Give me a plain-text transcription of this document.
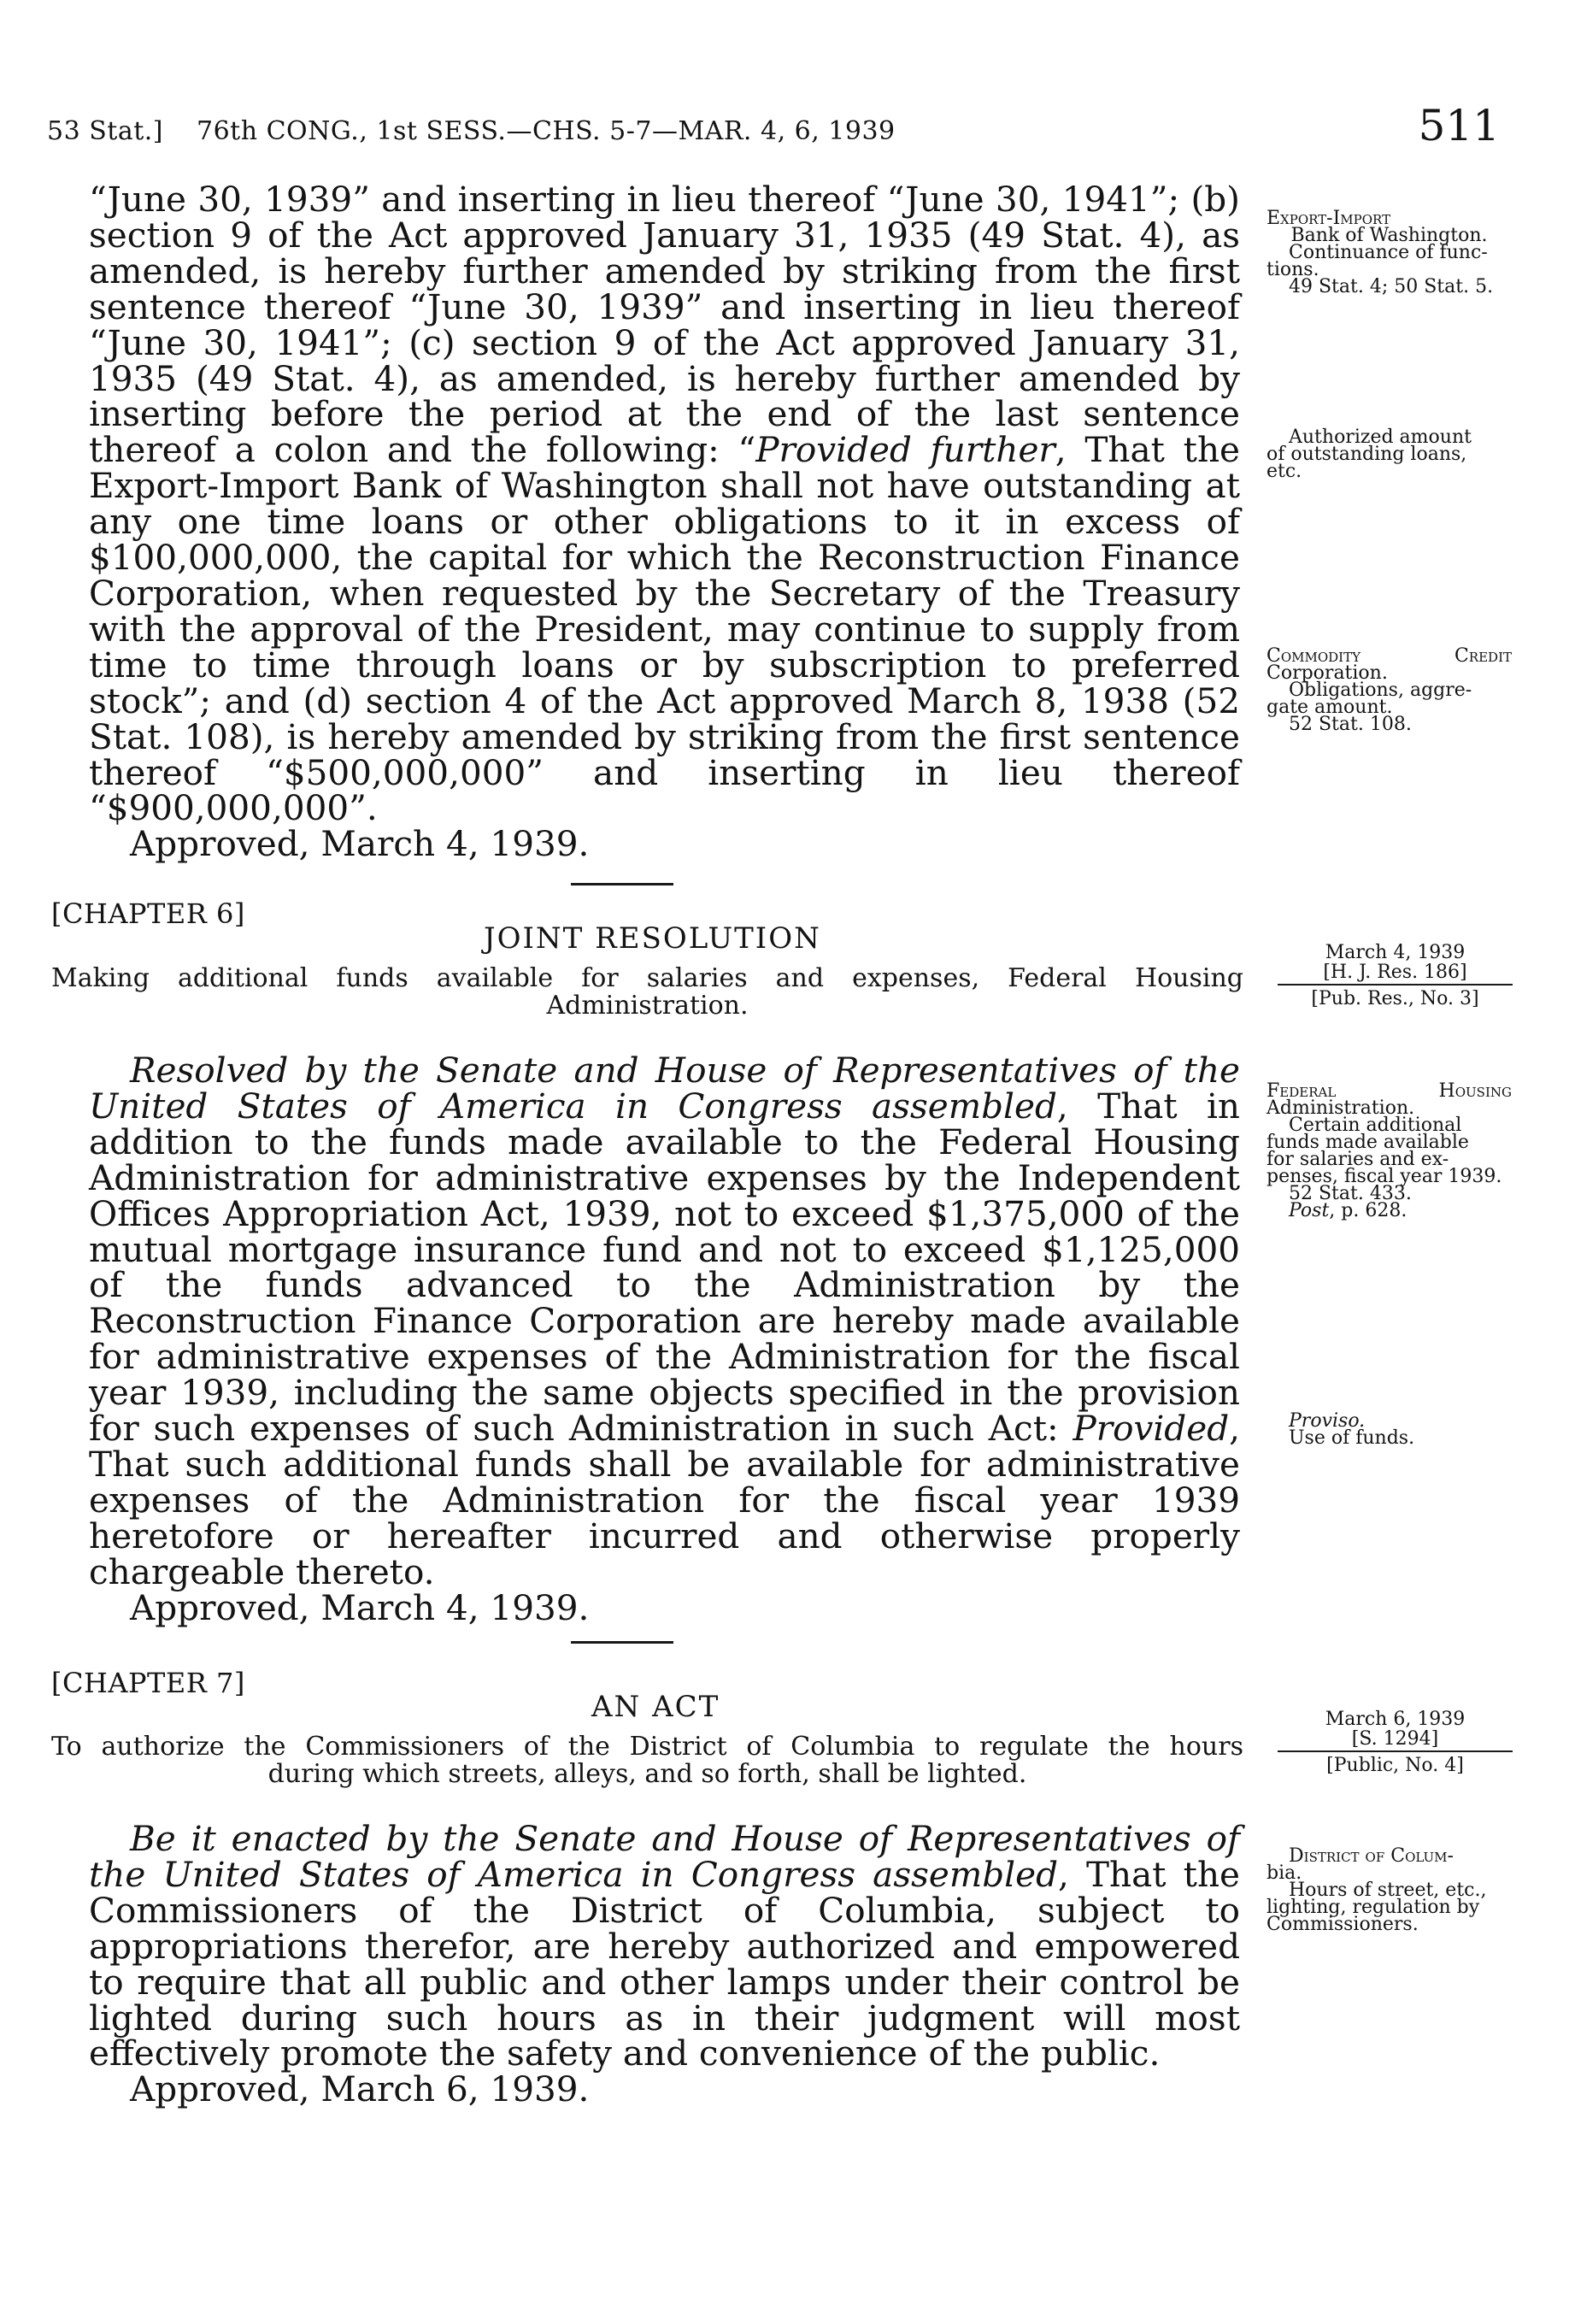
53 Stat.] 76th CONG., 1st SESS.—CHS. 5-7—MAR. 4, 6, 1939	511

“June 30, 1939” and inserting in lieu thereof “June 30, 1941”; (b) section 9 of the Act approved January 31, 1935 (49 Stat. 4), as amended, is hereby further amended by striking from the first sentence thereof “June 30, 1939” and inserting in lieu thereof “June 30, 1941”; (c) section 9 of the Act approved January 31, 1935 (49 Stat. 4), as amended, is hereby further amended by inserting before the period at the end of the last sentence thereof a colon and the following: “Provided further, That the Export-Import Bank of Washington shall not have outstanding at any one time loans or other obligations to it in excess of $100,000,000, the capital for which the Reconstruction Finance Corporation, when requested by the Secretary of the Treasury with the approval of the President, may continue to supply from time to time through loans or by subscription to preferred stock”; and (d) section 4 of the Act approved March 8, 1938 (52 Stat. 108), is hereby amended by striking from the first sentence thereof “$500,000,000” and inserting in lieu thereof “$900,000,000”.

Approved, March 4, 1939.

[CHAPTER 6]
JOINT RESOLUTION
Making additional funds available for salaries and expenses, Federal Housing
Administration.
March 4, 1939
[H. J. Res. 186]
[Pub. Res., No. 3]

Resolved by the Senate and House of Representatives of the United States of America in Congress assembled, That in addition to the funds made available to the Federal Housing Administration for administrative expenses by the Independent Offices Appropriation Act, 1939, not to exceed $1,375,000 of the mutual mortgage insurance fund and not to exceed $1,125,000 of the funds advanced to the Administration by the Reconstruction Finance Corporation are hereby made available for administrative expenses of the Administration for the fiscal year 1939, including the same objects specified in the provision for such expenses of such Administration in such Act: Provided, That such additional funds shall be available for administrative expenses of the Administration for the fiscal year 1939 heretofore or hereafter incurred and otherwise properly chargeable thereto.

Approved, March 4, 1939.

[CHAPTER 7]
AN ACT
To authorize the Commissioners of the District of Columbia to regulate the hours
during which streets, alleys, and so forth, shall be lighted.
March 6, 1939
[S. 1294]
[Public, No. 4]

Be it enacted by the Senate and House of Representatives of the United States of America in Congress assembled, That the Commissioners of the District of Columbia, subject to appropriations therefor, are hereby authorized and empowered to require that all public and other lamps under their control be lighted during such hours as in their judgment will most effectively promote the safety and convenience of the public.

Approved, March 6, 1939.

Export-Import
Bank of Washington.
Continuance of func-
tions.
49 Stat. 4; 50 Stat. 5.
Authorized amount
of outstanding loans,
etc.
Commodity Credit
Corporation.
Obligations, aggre-
gate amount.
52 Stat. 108.
Federal Housing
Administration.
Certain additional
funds made available
for salaries and ex-
penses, fiscal year 1939.
52 Stat. 433.
Post, p. 628.
Proviso.
Use of funds.
District of Colum-
bia.
Hours of street, etc.,
lighting, regulation by
Commissioners.
